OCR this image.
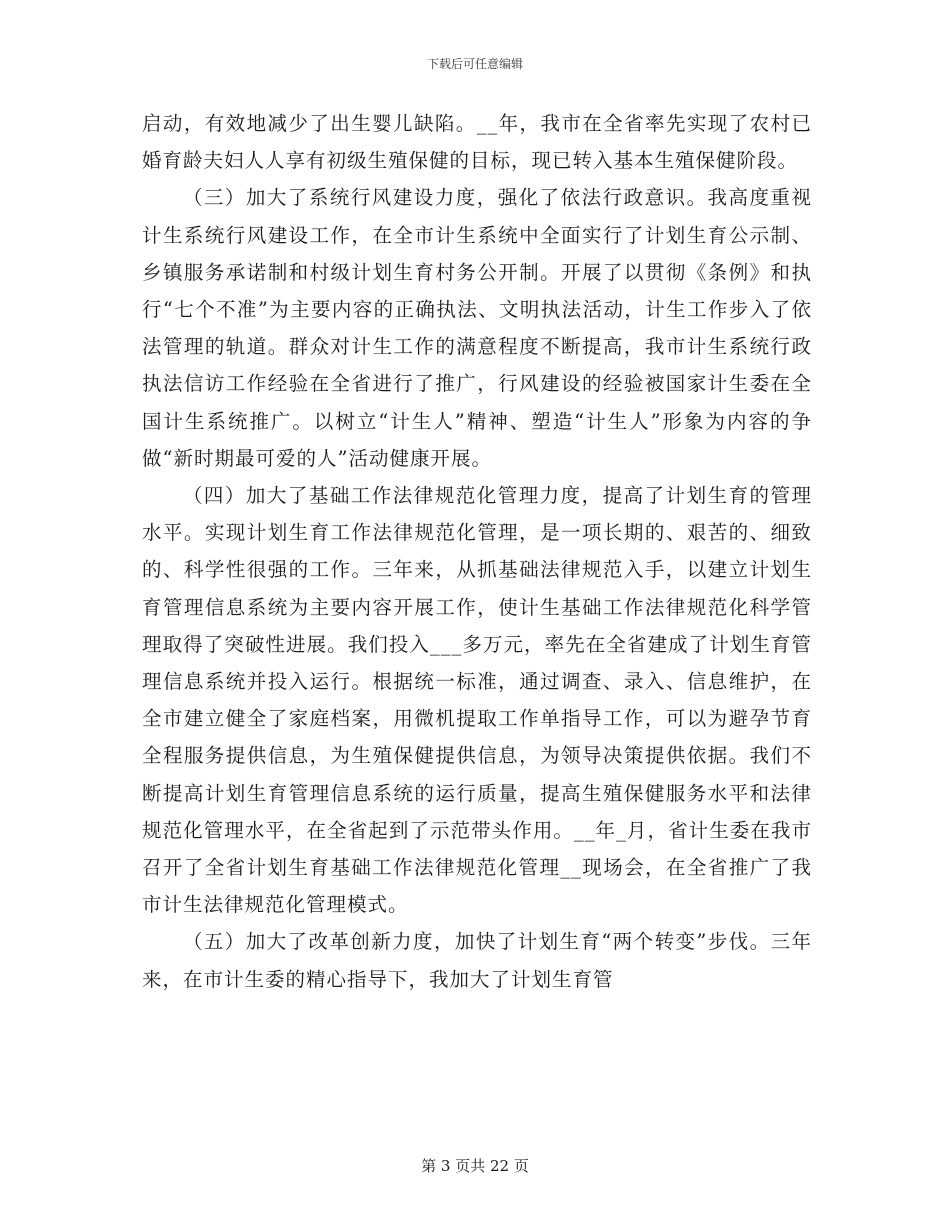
下载后可任意编辑

启动，有效地减少了出生婴儿缺陷。__年，我市在全省率先实现了农村已婚育龄夫妇人人享有初级生殖保健的目标，现已转入基本生殖保健阶段。

（三）加大了系统行风建设力度，强化了依法行政意识。我高度重视计生系统行风建设工作，在全市计生系统中全面实行了计划生育公示制、乡镇服务承诺制和村级计划生育村务公开制。开展了以贯彻《条例》和执行“七个不准”为主要内容的正确执法、文明执法活动，计生工作步入了依法管理的轨道。群众对计生工作的满意程度不断提高，我市计生系统行政执法信访工作经验在全省进行了推广，行风建设的经验被国家计生委在全国计生系统推广。以树立“计生人”精神、塑造“计生人”形象为内容的争做“新时期最可爱的人”活动健康开展。

（四）加大了基础工作法律规范化管理力度，提高了计划生育的管理水平。实现计划生育工作法律规范化管理，是一项长期的、艰苦的、细致的、科学性很强的工作。三年来，从抓基础法律规范入手，以建立计划生育管理信息系统为主要内容开展工作，使计生基础工作法律规范化科学管理取得了突破性进展。我们投入___多万元，率先在全省建成了计划生育管理信息系统并投入运行。根据统一标准，通过调查、录入、信息维护，在全市建立健全了家庭档案，用微机提取工作单指导工作，可以为避孕节育全程服务提供信息，为生殖保健提供信息，为领导决策提供依据。我们不断提高计划生育管理信息系统的运行质量，提高生殖保健服务水平和法律规范化管理水平，在全省起到了示范带头作用。__年_月，省计生委在我市召开了全省计划生育基础工作法律规范化管理__现场会，在全省推广了我市计生法律规范化管理模式。

（五）加大了改革创新力度，加快了计划生育“两个转变”步伐。三年来，在市计生委的精心指导下，我加大了计划生育管

第 3 页共 22 页
